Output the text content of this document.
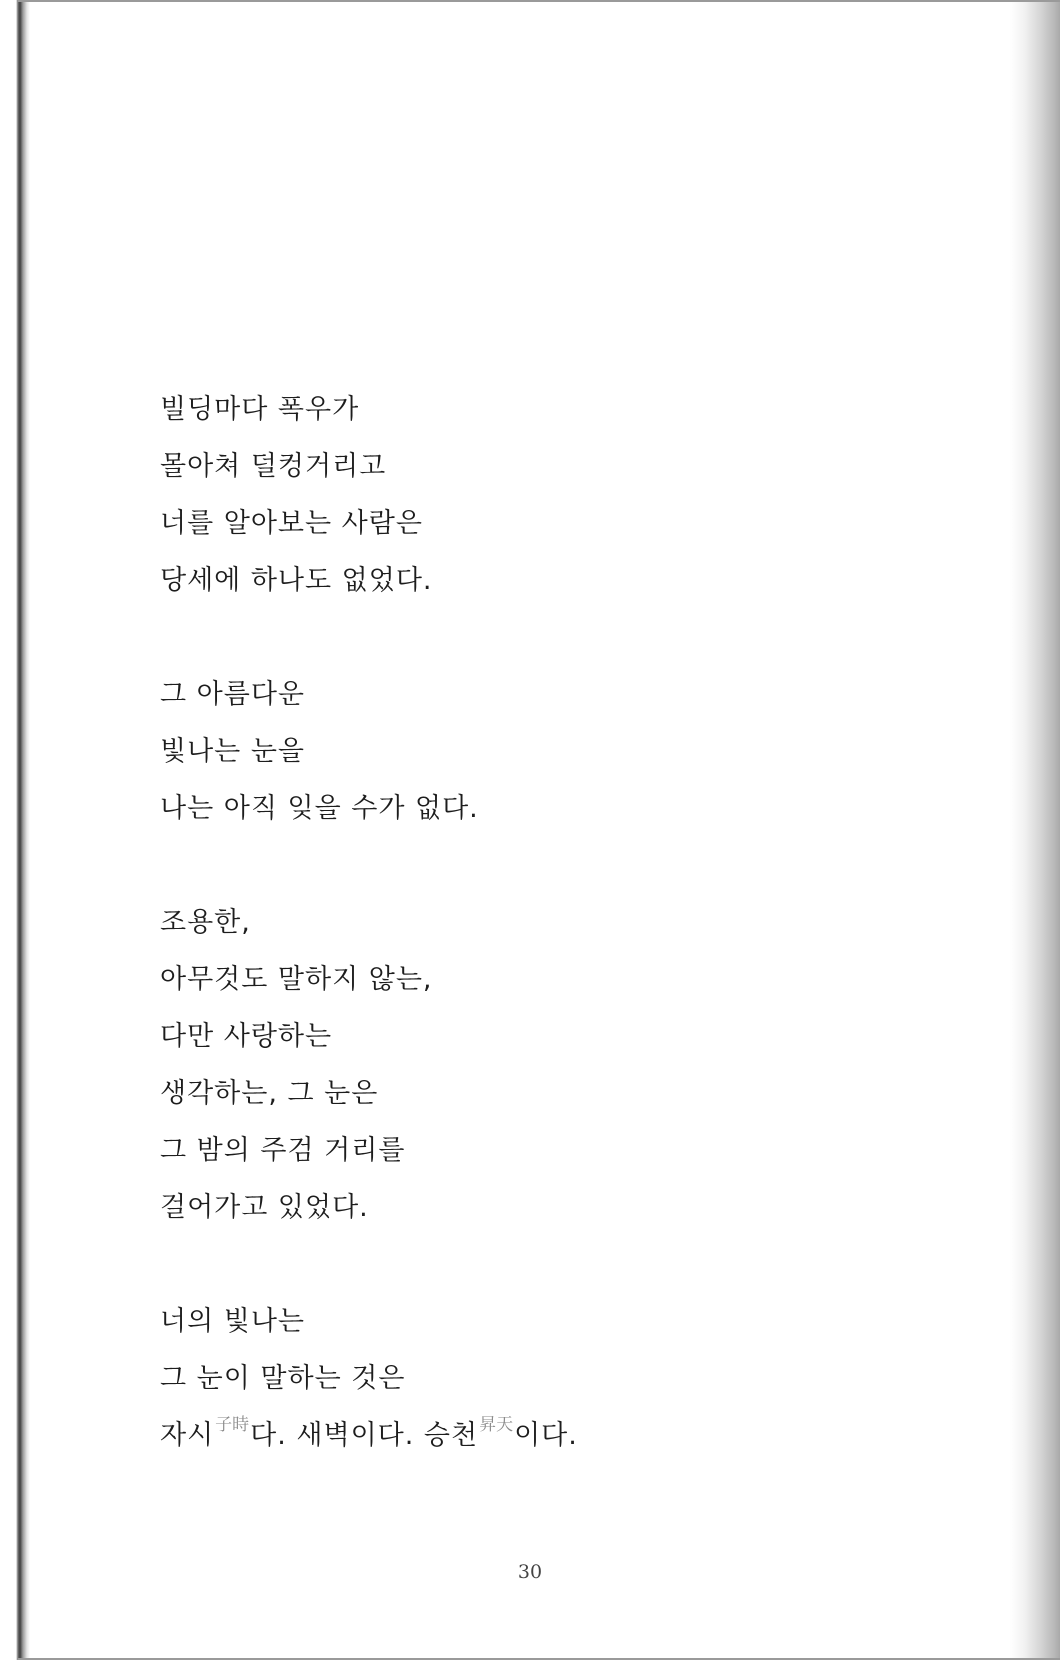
빌딩마다 폭우가
몰아쳐 덜컹거리고
너를 알아보는 사람은
당세에 하나도 없었다.
그 아름다운
빛나는 눈을
나는 아직 잊을 수가 없다.
조용한,
아무것도 말하지 않는,
다만 사랑하는
생각하는, 그 눈은
그 밤의 주검 거리를
걸어가고 있었다.
너의 빛나는
그 눈이 말하는 것은
자시$^{子時}$다. 새벽이다. 승천$^{昇天}$이다.
30
